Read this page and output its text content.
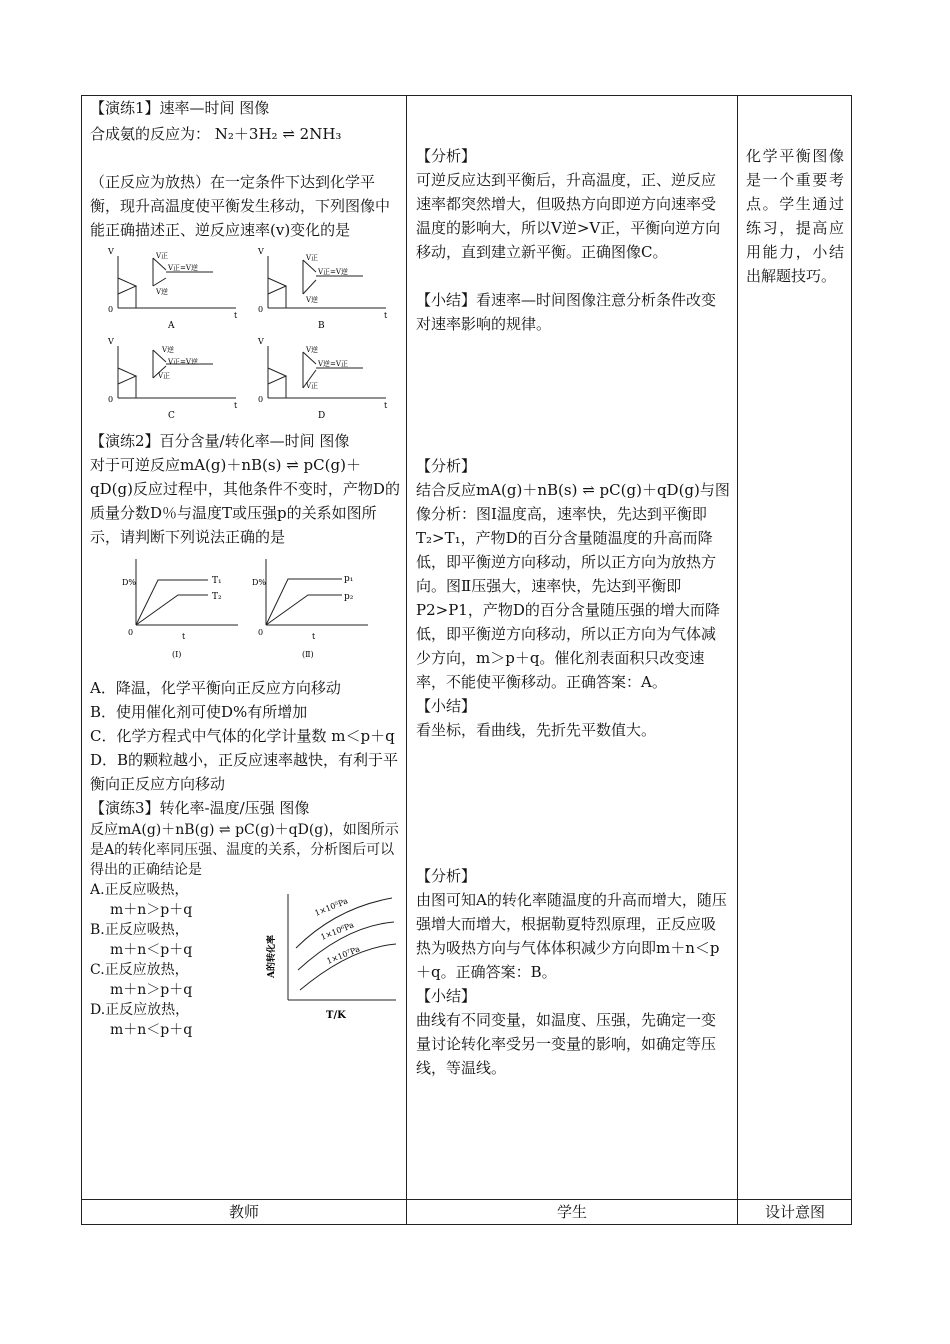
【演练1】速率—时间 图像

合成氨的反应为： N₂＋3H₂ ⇌ 2NH₃

（正反应为放热）在一定条件下达到化学平衡，现升高温度使平衡发生移动，下列图像中能正确描述正、逆反应速率(v)变化的是

V
0
V正
V正=V逆
V逆
t
A
V
0
V正
V正=V逆
V逆
t
B
V
0
V逆
V正=V逆
V正
t
C
V
0
V逆
V逆=V正
V正
t
D

【演练2】百分含量/转化率—时间 图像

对于可逆反应mA(g)＋nB(s) ⇌ pC(g)＋qD(g)反应过程中，其他条件不变时，产物D的质量分数D％与温度T或压强p的关系如图所示，请判断下列说法正确的是

D%	T₁
T₂
0	t
(Ⅰ)
D%	p₁
p₂
0	t
(Ⅱ)

A．降温，化学平衡向正反应方向移动

B．使用催化剂可使D%有所增加

C．化学方程式中气体的化学计量数 m＜p＋q

D．B的颗粒越小，正反应速率越快，有利于平衡向正反应方向移动

【演练3】转化率-温度/压强 图像

反应mA(g)＋nB(g) ⇌ pC(g)＋qD(g)，如图所示是A的转化率同压强、温度的关系，分析图后可以得出的正确结论是

A.正反应吸热，
m＋n＞p＋q
B.正反应吸热，
m＋n＜p＋q
C.正反应放热，
m＋n＞p＋q
D.正反应放热，
m＋n＜p＋q
1×10⁵Pa
1×10⁶Pa
1×10⁷Pa
A的转化率
T/K

【分析】

可逆反应达到平衡后，升高温度，正、逆反应速率都突然增大，但吸热方向即逆方向速率受温度的影响大，所以V逆>V正，平衡向逆方向移动，直到建立新平衡。正确图像C。

【小结】看速率—时间图像注意分析条件改变对速率影响的规律。

【分析】

结合反应mA(g)＋nB(s) ⇌ pC(g)＋qD(g)与图像分析：图Ⅰ温度高，速率快，先达到平衡即T₂>T₁，产物D的百分含量随温度的升高而降低，即平衡逆方向移动，所以正方向为放热方向。图Ⅱ压强大，速率快，先达到平衡即P2>P1，产物D的百分含量随压强的增大而降低，即平衡逆方向移动，所以正方向为气体减少方向，m＞p＋q。催化剂表面积只改变速率，不能使平衡移动。正确答案：A。

【小结】

看坐标，看曲线，先折先平数值大。

【分析】

由图可知A的转化率随温度的升高而增大，随压强增大而增大，根据勒夏特烈原理，正反应吸热为吸热方向与气体体积减少方向即m＋n＜p＋q。正确答案：B。

【小结】

曲线有不同变量，如温度、压强，先确定一变量讨论转化率受另一变量的影响，如确定等压线，等温线。

化学平衡图像是一个重要考点。学生通过练习，提高应用能力，小结出解题技巧。

教师	学生	设计意图
